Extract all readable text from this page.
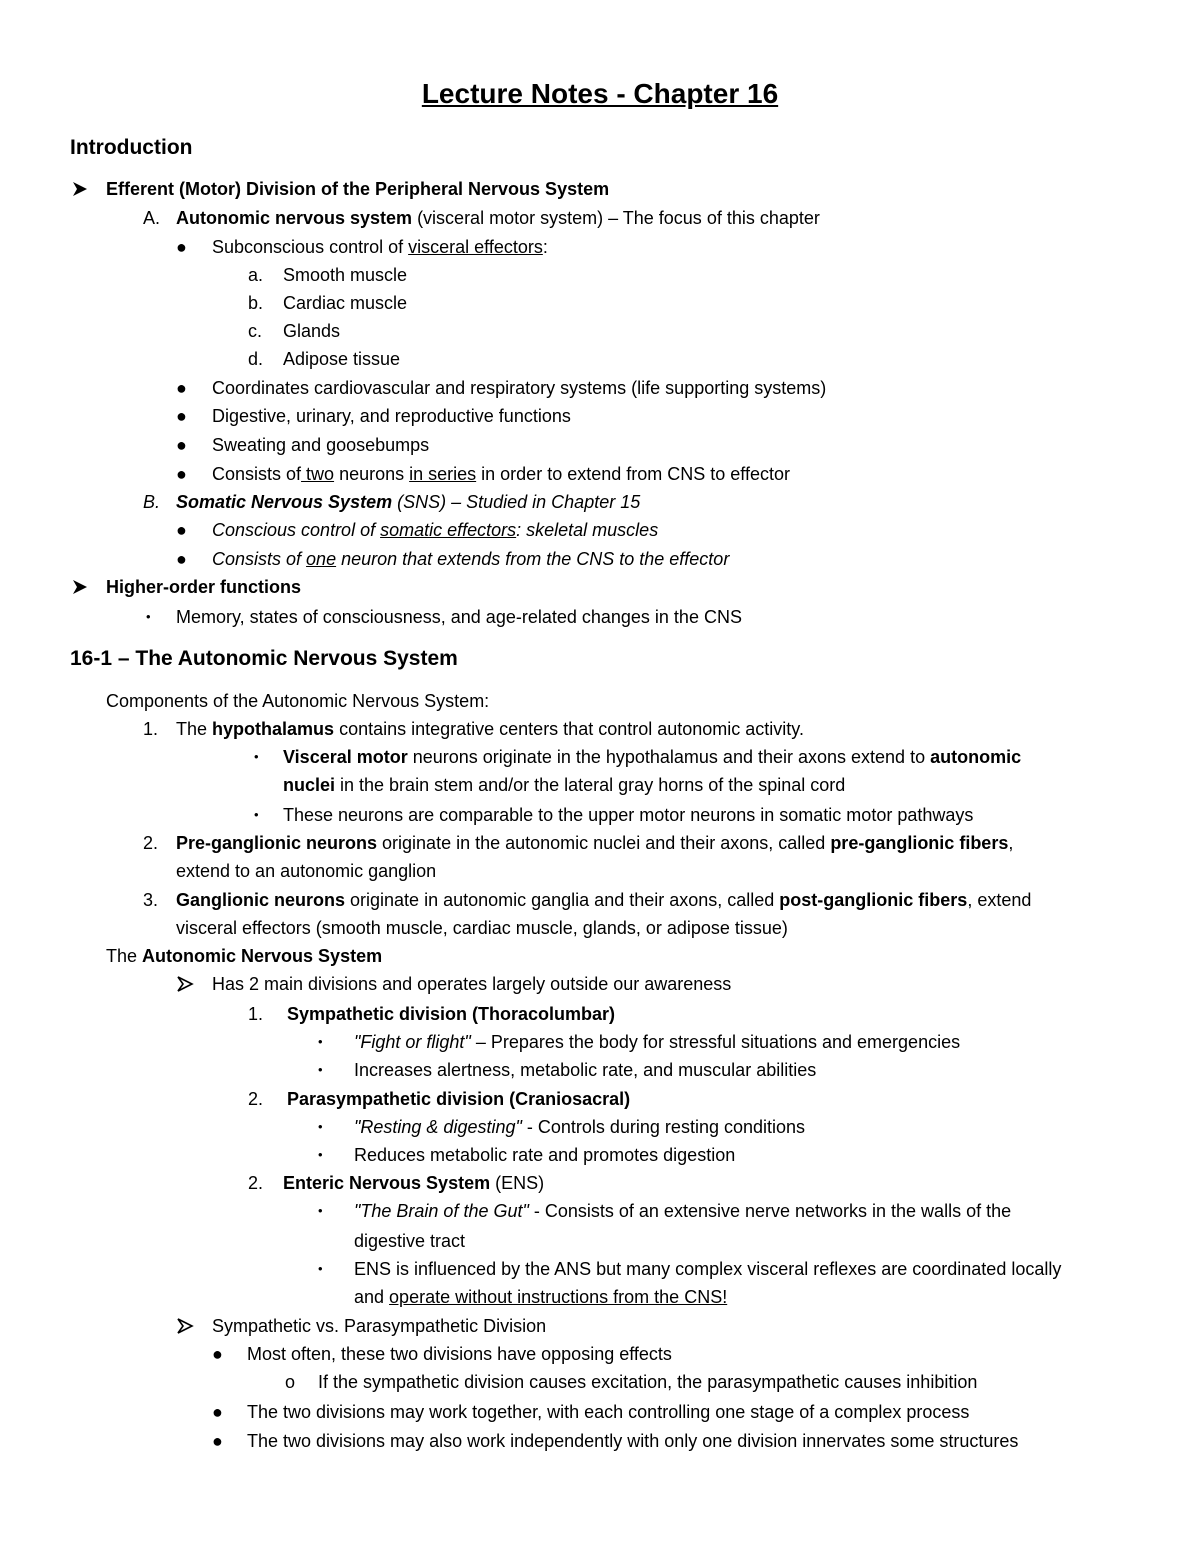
Lecture Notes - Chapter 16
Introduction
Efferent (Motor) Division of the Peripheral Nervous System
A. Autonomic nervous system (visceral motor system) – The focus of this chapter
● Subconscious control of visceral effectors:
a. Smooth muscle
b. Cardiac muscle
c. Glands
d. Adipose tissue
● Coordinates cardiovascular and respiratory systems (life supporting systems)
● Digestive, urinary, and reproductive functions
● Sweating and goosebumps
● Consists of two neurons in series in order to extend from CNS to effector
B. Somatic Nervous System (SNS) – Studied in Chapter 15
● Conscious control of somatic effectors: skeletal muscles
● Consists of one neuron that extends from the CNS to the effector
Higher-order functions
• Memory, states of consciousness, and age-related changes in the CNS
16-1 – The Autonomic Nervous System
Components of the Autonomic Nervous System:
1. The hypothalamus contains integrative centers that control autonomic activity.
• Visceral motor neurons originate in the hypothalamus and their axons extend to autonomic
nuclei in the brain stem and/or the lateral gray horns of the spinal cord
• These neurons are comparable to the upper motor neurons in somatic motor pathways
2. Pre-ganglionic neurons originate in the autonomic nuclei and their axons, called pre-ganglionic fibers,
extend to an autonomic ganglion
3. Ganglionic neurons originate in autonomic ganglia and their axons, called post-ganglionic fibers, extend
visceral effectors (smooth muscle, cardiac muscle, glands, or adipose tissue)
The Autonomic Nervous System
Has 2 main divisions and operates largely outside our awareness
1. Sympathetic division (Thoracolumbar)
• "Fight or flight" – Prepares the body for stressful situations and emergencies
• Increases alertness, metabolic rate, and muscular abilities
2. Parasympathetic division (Craniosacral)
• "Resting & digesting" - Controls during resting conditions
• Reduces metabolic rate and promotes digestion
2. Enteric Nervous System (ENS)
• "The Brain of the Gut" - Consists of an extensive nerve networks in the walls of the
digestive tract
• ENS is influenced by the ANS but many complex visceral reflexes are coordinated locally
and operate without instructions from the CNS!
Sympathetic vs. Parasympathetic Division
● Most often, these two divisions have opposing effects
o If the sympathetic division causes excitation, the parasympathetic causes inhibition
● The two divisions may work together, with each controlling one stage of a complex process
● The two divisions may also work independently with only one division innervates some structures
